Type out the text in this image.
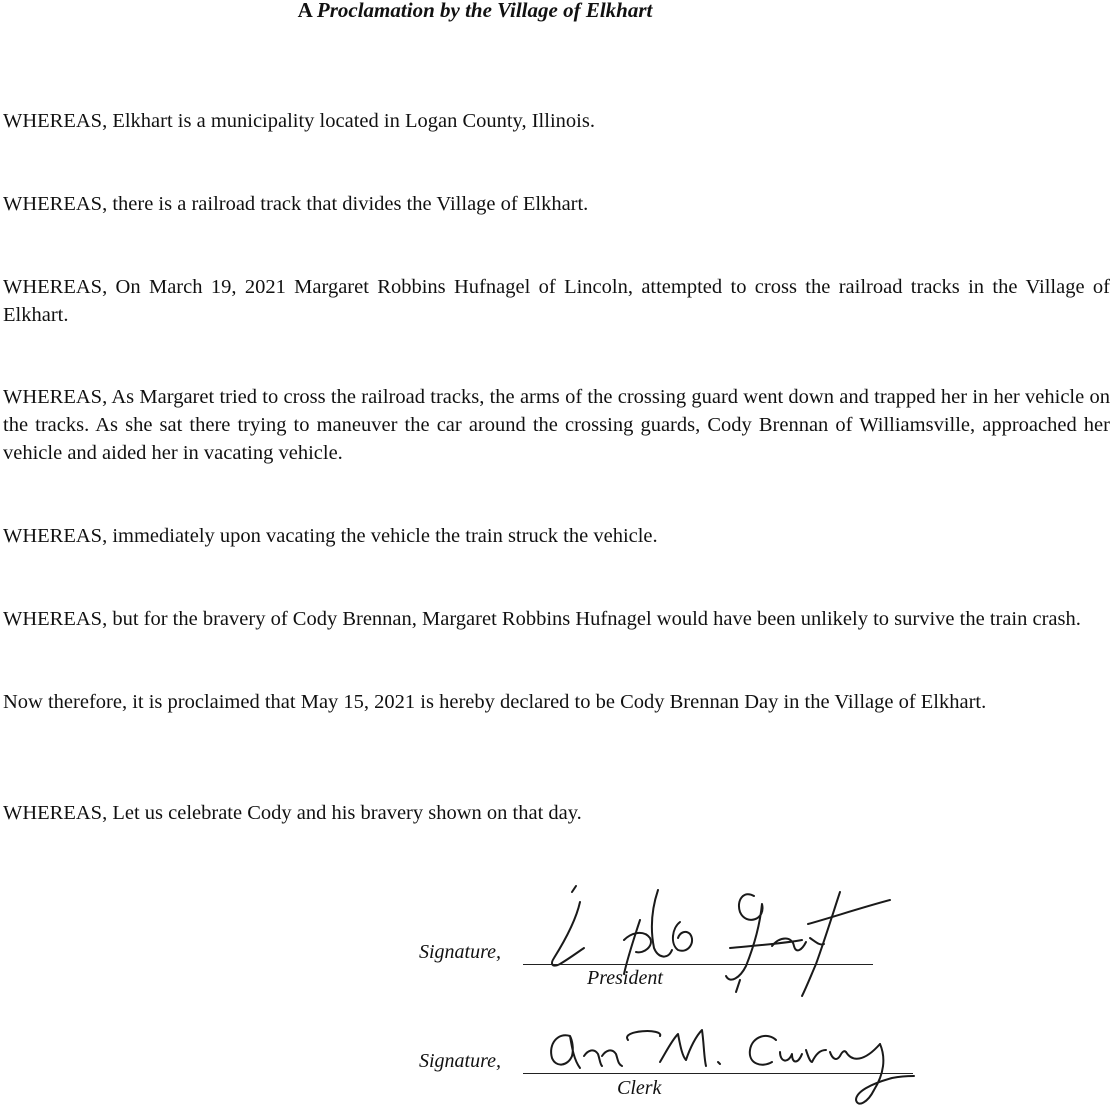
A Proclamation by the Village of Elkhart

WHEREAS, Elkhart is a municipality located in Logan County, Illinois.

WHEREAS, there is a railroad track that divides the Village of Elkhart.

WHEREAS, On March 19, 2021 Margaret Robbins Hufnagel of Lincoln, attempted to cross the railroad tracks in the Village of Elkhart.

WHEREAS, As Margaret tried to cross the railroad tracks, the arms of the crossing guard went down and trapped her in her vehicle on the tracks. As she sat there trying to maneuver the car around the crossing guards, Cody Brennan of Williamsville, approached her vehicle and aided her in vacating vehicle.

WHEREAS, immediately upon vacating the vehicle the train struck the vehicle.

WHEREAS, but for the bravery of Cody Brennan, Margaret Robbins Hufnagel would have been unlikely to survive the train crash.

Now therefore, it is proclaimed that May 15, 2021 is hereby declared to be Cody Brennan Day in the Village of Elkhart.

WHEREAS, Let us celebrate Cody and his bravery shown on that day.

Signature,
President
Signature,
Clerk
